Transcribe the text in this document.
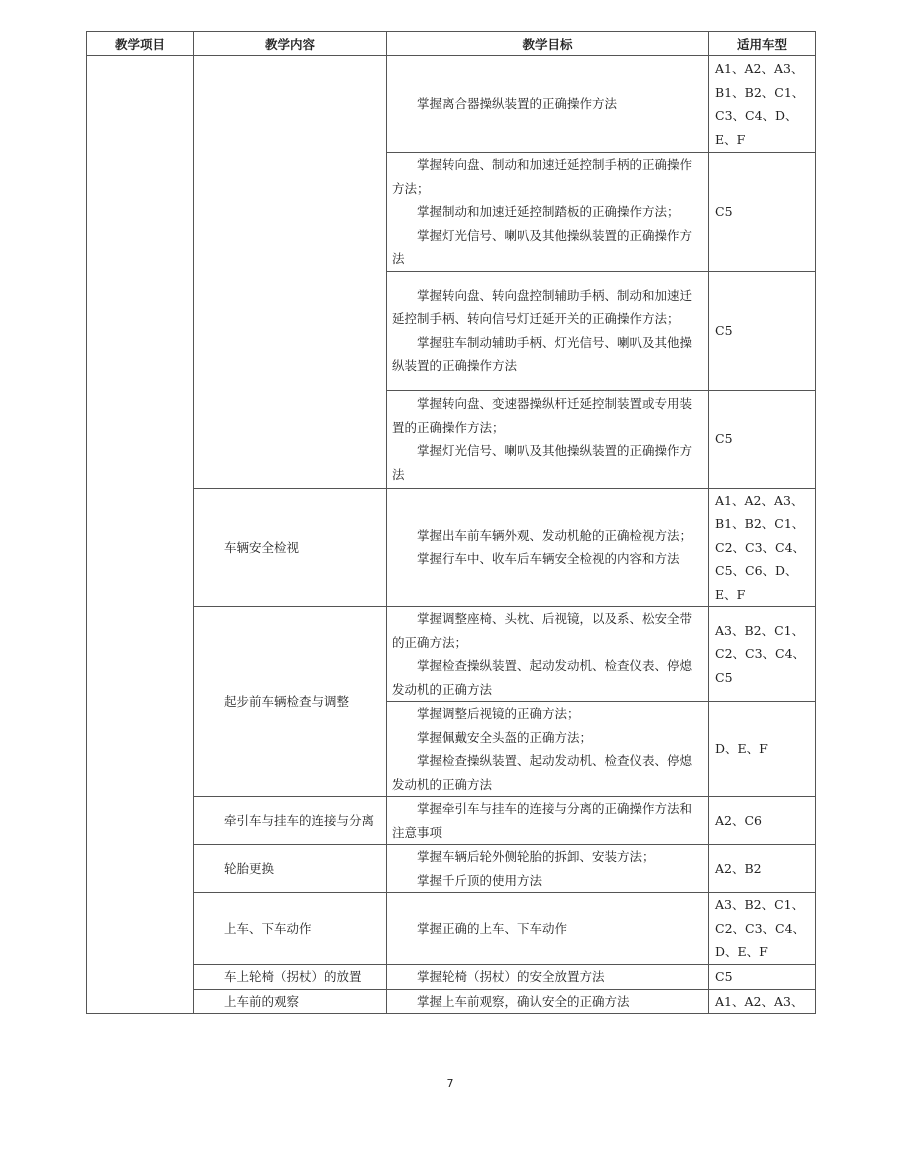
教学项目	教学内容	教学目标	适用车型

		掌握离合器操纵装置的正确操作方法	A1、A2、A3、B1、B2、C1、C3、C4、D、E、F

		掌握转向盘、制动和加速迁延控制手柄的正确操作方法；

掌握制动和加速迁延控制踏板的正确操作方法；

掌握灯光信号、喇叭及其他操纵装置的正确操作方法	C5

		掌握转向盘、转向盘控制辅助手柄、制动和加速迁延控制手柄、转向信号灯迁延开关的正确操作方法；

掌握驻车制动辅助手柄、灯光信号、喇叭及其他操纵装置的正确操作方法	C5

		掌握转向盘、变速器操纵杆迁延控制装置或专用装置的正确操作方法；

掌握灯光信号、喇叭及其他操纵装置的正确操作方法	C5
	车辆安全检视	掌握出车前车辆外观、发动机舱的正确检视方法；

掌握行车中、收车后车辆安全检视的内容和方法	A1、A2、A3、B1、B2、C1、C2、C3、C4、C5、C6、D、E、F
	起步前车辆检查与调整	掌握调整座椅、头枕、后视镜，以及系、松安全带的正确方法；

掌握检查操纵装置、起动发动机、检查仪表、停熄发动机的正确方法	A3、B2、C1、C2、C3、C4、C5

		掌握调整后视镜的正确方法；

掌握佩戴安全头盔的正确方法；

掌握检查操纵装置、起动发动机、检查仪表、停熄发动机的正确方法	D、E、F
	牵引车与挂车的连接与分离	掌握牵引车与挂车的连接与分离的正确操作方法和注意事项	A2、C6
	轮胎更换	掌握车辆后轮外侧轮胎的拆卸、安装方法；

掌握千斤顶的使用方法	A2、B2
	上车、下车动作	掌握正确的上车、下车动作	A3、B2、C1、C2、C3、C4、D、E、F
	车上轮椅（拐杖）的放置	掌握轮椅（拐杖）的安全放置方法	C5
	上车前的观察	掌握上车前观察，确认安全的正确方法	A1、A2、A3、
7
